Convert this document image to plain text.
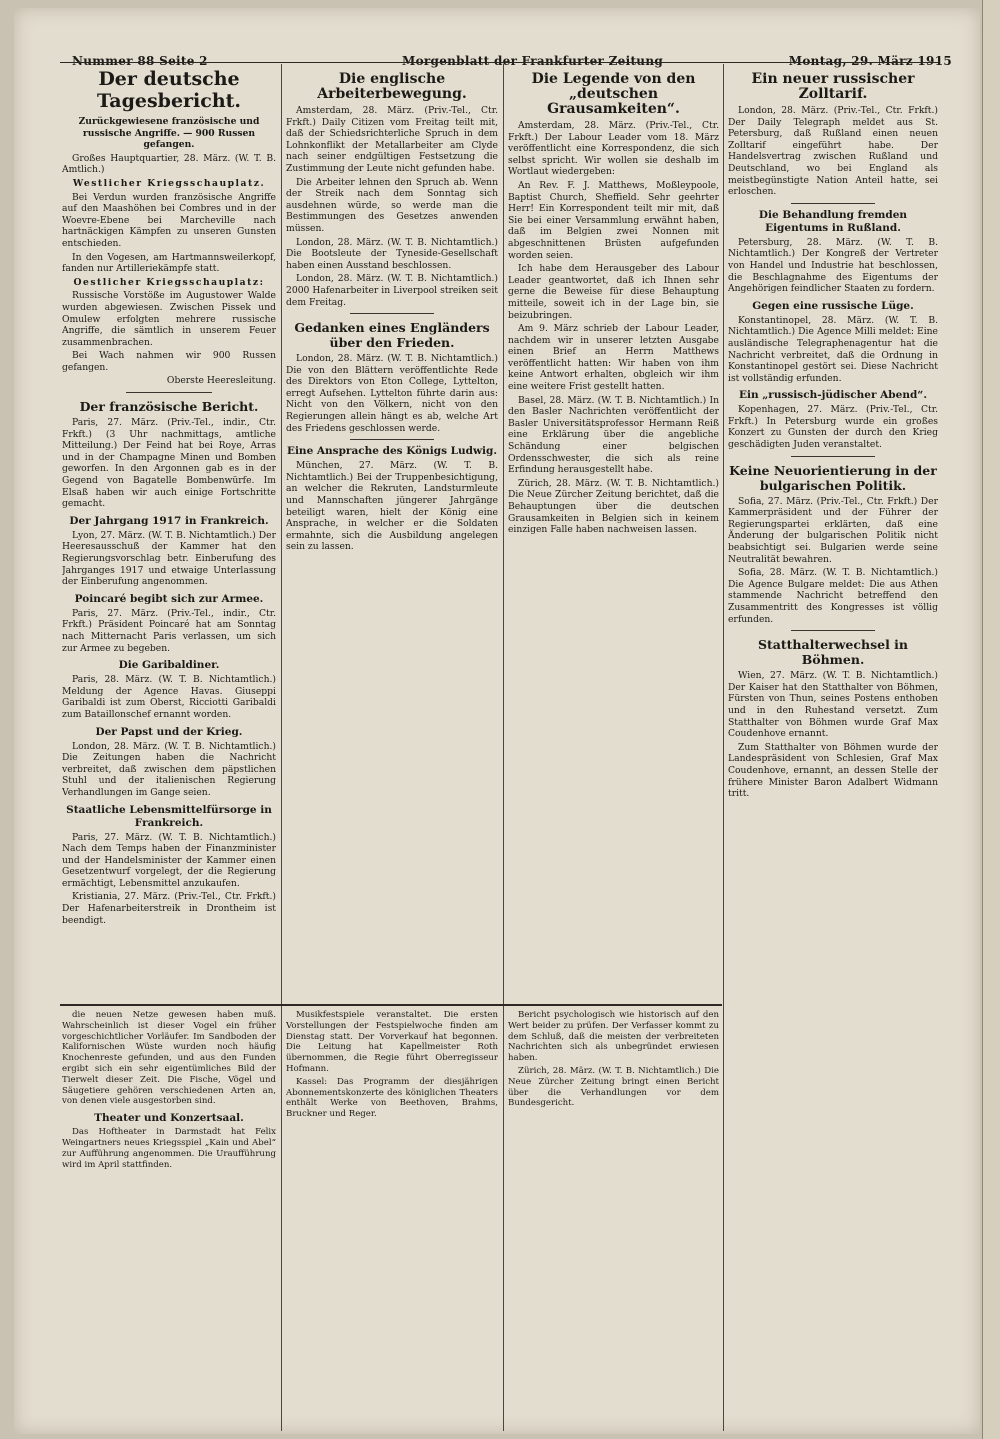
Nummer 88 Seite 2	Morgenblatt der Frankfurter Zeitung	Montag, 29. März 1915
Der deutsche Tagesbericht.

Zurückgewiesene französische und russische Angriffe. — 900 Russen gefangen.

Großes Hauptquartier, 28. März. (W. T. B. Amtlich.)

Westlicher Kriegsschauplatz.

Bei Verdun wurden französische Angriffe auf den Maashöhen bei Combres und in der Woevre-Ebene bei Marcheville nach hartnäckigen Kämpfen zu unseren Gunsten entschieden.

In den Vogesen, am Hartmannsweilerkopf, fanden nur Artilleriekämpfe statt.

Oestlicher Kriegsschauplatz:

Russische Vorstöße im Augustower Walde wurden abgewiesen. Zwischen Pissek und Omulew erfolgten mehrere russische Angriffe, die sämtlich in unserem Feuer zusammenbrachen.

Bei Wach nahmen wir 900 Russen gefangen.

Oberste Heeresleitung.

Der französische Bericht.

Paris, 27. März. (Priv.-Tel., indir., Ctr. Frkft.) (3 Uhr nachmittags, amtliche Mitteilung.) Der Feind hat bei Roye, Arras und in der Champagne Minen und Bomben geworfen. In den Argonnen gab es in der Gegend von Bagatelle Bombenwürfe. Im Elsaß haben wir auch einige Fortschritte gemacht.

Der Jahrgang 1917 in Frankreich.

Lyon, 27. März. (W. T. B. Nichtamtlich.) Der Heeresausschuß der Kammer hat den Regierungsvorschlag betr. Einberufung des Jahrganges 1917 und etwaige Unterlassung der Einberufung angenommen.

Poincaré begibt sich zur Armee.

Paris, 27. März. (Priv.-Tel., indir., Ctr. Frkft.) Präsident Poincaré hat am Sonntag nach Mitternacht Paris verlassen, um sich zur Armee zu begeben.

Die Garibaldiner.

Paris, 28. März. (W. T. B. Nichtamtlich.) Meldung der Agence Havas. Giuseppi Garibaldi ist zum Oberst, Ricciotti Garibaldi zum Bataillonschef ernannt worden.

Der Papst und der Krieg.

London, 28. März. (W. T. B. Nichtamtlich.) Die Zeitungen haben die Nachricht verbreitet, daß zwischen dem päpstlichen Stuhl und der italienischen Regierung Verhandlungen im Gange seien.

Staatliche Lebensmittelfürsorge in Frankreich.

Paris, 27. März. (W. T. B. Nichtamtlich.) Nach dem Temps haben der Finanzminister und der Handelsminister der Kammer einen Gesetzentwurf vorgelegt, der die Regierung ermächtigt, Lebensmittel anzukaufen.

Kristiania, 27. März. (Priv.-Tel., Ctr. Frkft.) Der Hafenarbeiterstreik in Drontheim ist beendigt.

Die englische Arbeiterbewegung.

Amsterdam, 28. März. (Priv.-Tel., Ctr. Frkft.) Daily Citizen vom Freitag teilt mit, daß der Schiedsrichterliche Spruch in dem Lohnkonflikt der Metallarbeiter am Clyde nach seiner endgültigen Festsetzung die Zustimmung der Leute nicht gefunden habe.

Die Arbeiter lehnen den Spruch ab. Wenn der Streik nach dem Sonntag sich ausdehnen würde, so werde man die Bestimmungen des Gesetzes anwenden müssen.

London, 28. März. (W. T. B. Nichtamtlich.) Die Bootsleute der Tyneside-Gesellschaft haben einen Ausstand beschlossen.

London, 28. März. (W. T. B. Nichtamtlich.) 2000 Hafenarbeiter in Liverpool streiken seit dem Freitag.

Gedanken eines Engländers über den Frieden.

London, 28. März. (W. T. B. Nichtamtlich.) Die von den Blättern veröffentlichte Rede des Direktors von Eton College, Lyttelton, erregt Aufsehen. Lyttelton führte darin aus: Nicht von den Völkern, nicht von den Regierungen allein hängt es ab, welche Art des Friedens geschlossen werde.

Eine Ansprache des Königs Ludwig.

München, 27. März. (W. T. B. Nichtamtlich.) Bei der Truppenbesichtigung, an welcher die Rekruten, Landsturmleute und Mannschaften jüngerer Jahrgänge beteiligt waren, hielt der König eine Ansprache, in welcher er die Soldaten ermahnte, sich die Ausbildung angelegen sein zu lassen.

Die Legende von den „deutschen Grausamkeiten“.

Amsterdam, 28. März. (Priv.-Tel., Ctr. Frkft.) Der Labour Leader vom 18. März veröffentlicht eine Korrespondenz, die sich selbst spricht. Wir wollen sie deshalb im Wortlaut wiedergeben:

An Rev. F. J. Matthews, Moßleypoole, Baptist Church, Sheffield. Sehr geehrter Herr! Ein Korrespondent teilt mir mit, daß Sie bei einer Versammlung erwähnt haben, daß im Belgien zwei Nonnen mit abgeschnittenen Brüsten aufgefunden worden seien.

Ich habe dem Herausgeber des Labour Leader geantwortet, daß ich Ihnen sehr gerne die Beweise für diese Behauptung mitteile, soweit ich in der Lage bin, sie beizubringen.

Am 9. März schrieb der Labour Leader, nachdem wir in unserer letzten Ausgabe einen Brief an Herrn Matthews veröffentlicht hatten: Wir haben von ihm keine Antwort erhalten, obgleich wir ihm eine weitere Frist gestellt hatten.

Basel, 28. März. (W. T. B. Nichtamtlich.) In den Basler Nachrichten veröffentlicht der Basler Universitätsprofessor Hermann Reiß eine Erklärung über die angebliche Schändung einer belgischen Ordensschwester, die sich als reine Erfindung herausgestellt habe.

Zürich, 28. März. (W. T. B. Nichtamtlich.) Die Neue Zürcher Zeitung berichtet, daß die Behauptungen über die deutschen Grausamkeiten in Belgien sich in keinem einzigen Falle haben nachweisen lassen.

Ein neuer russischer Zolltarif.

London, 28. März. (Priv.-Tel., Ctr. Frkft.) Der Daily Telegraph meldet aus St. Petersburg, daß Rußland einen neuen Zolltarif eingeführt habe. Der Handelsvertrag zwischen Rußland und Deutschland, wo bei England als meistbegünstigte Nation Anteil hatte, sei erloschen.

Die Behandlung fremden Eigentums in Rußland.

Petersburg, 28. März. (W. T. B. Nichtamtlich.) Der Kongreß der Vertreter von Handel und Industrie hat beschlossen, die Beschlagnahme des Eigentums der Angehörigen feindlicher Staaten zu fordern.

Gegen eine russische Lüge.

Konstantinopel, 28. März. (W. T. B. Nichtamtlich.) Die Agence Milli meldet: Eine ausländische Telegraphenagentur hat die Nachricht verbreitet, daß die Ordnung in Konstantinopel gestört sei. Diese Nachricht ist vollständig erfunden.

Ein „russisch-jüdischer Abend“.

Kopenhagen, 27. März. (Priv.-Tel., Ctr. Frkft.) In Petersburg wurde ein großes Konzert zu Gunsten der durch den Krieg geschädigten Juden veranstaltet.

Keine Neuorientierung in der bulgarischen Politik.

Sofia, 27. März. (Priv.-Tel., Ctr. Frkft.) Der Kammerpräsident und der Führer der Regierungspartei erklärten, daß eine Änderung der bulgarischen Politik nicht beabsichtigt sei. Bulgarien werde seine Neutralität bewahren.

Sofia, 28. März. (W. T. B. Nichtamtlich.) Die Agence Bulgare meldet: Die aus Athen stammende Nachricht betreffend den Zusammentritt des Kongresses ist völlig erfunden.

Statthalterwechsel in Böhmen.

Wien, 27. März. (W. T. B. Nichtamtlich.) Der Kaiser hat den Statthalter von Böhmen, Fürsten von Thun, seines Postens enthoben und in den Ruhestand versetzt. Zum Statthalter von Böhmen wurde Graf Max Coudenhove ernannt.

Zum Statthalter von Böhmen wurde der Landespräsident von Schlesien, Graf Max Coudenhove, ernannt, an dessen Stelle der frühere Minister Baron Adalbert Widmann tritt.

die neuen Netze gewesen haben muß. Wahrscheinlich ist dieser Vogel ein früher vorgeschichtlicher Vorläufer. Im Sandboden der Kalifornischen Wüste wurden noch häufig Knochenreste gefunden, und aus den Funden ergibt sich ein sehr eigentümliches Bild der Tierwelt dieser Zeit. Die Fische, Vögel und Säugetiere gehören verschiedenen Arten an, von denen viele ausgestorben sind.

Theater und Konzertsaal.

Das Hoftheater in Darmstadt hat Felix Weingartners neues Kriegsspiel „Kain und Abel“ zur Aufführung angenommen. Die Uraufführung wird im April stattfinden.

Musikfestspiele veranstaltet. Die ersten Vorstellungen der Festspielwoche finden am Dienstag statt. Der Vorverkauf hat begonnen. Die Leitung hat Kapellmeister Roth übernommen, die Regie führt Oberregisseur Hofmann.

Kassel: Das Programm der diesjährigen Abonnementskonzerte des königlichen Theaters enthält Werke von Beethoven, Brahms, Bruckner und Reger.

Bericht psychologisch wie historisch auf den Wert beider zu prüfen. Der Verfasser kommt zu dem Schluß, daß die meisten der verbreiteten Nachrichten sich als unbegründet erwiesen haben.

Zürich, 28. März. (W. T. B. Nichtamtlich.) Die Neue Zürcher Zeitung bringt einen Bericht über die Verhandlungen vor dem Bundesgericht.
